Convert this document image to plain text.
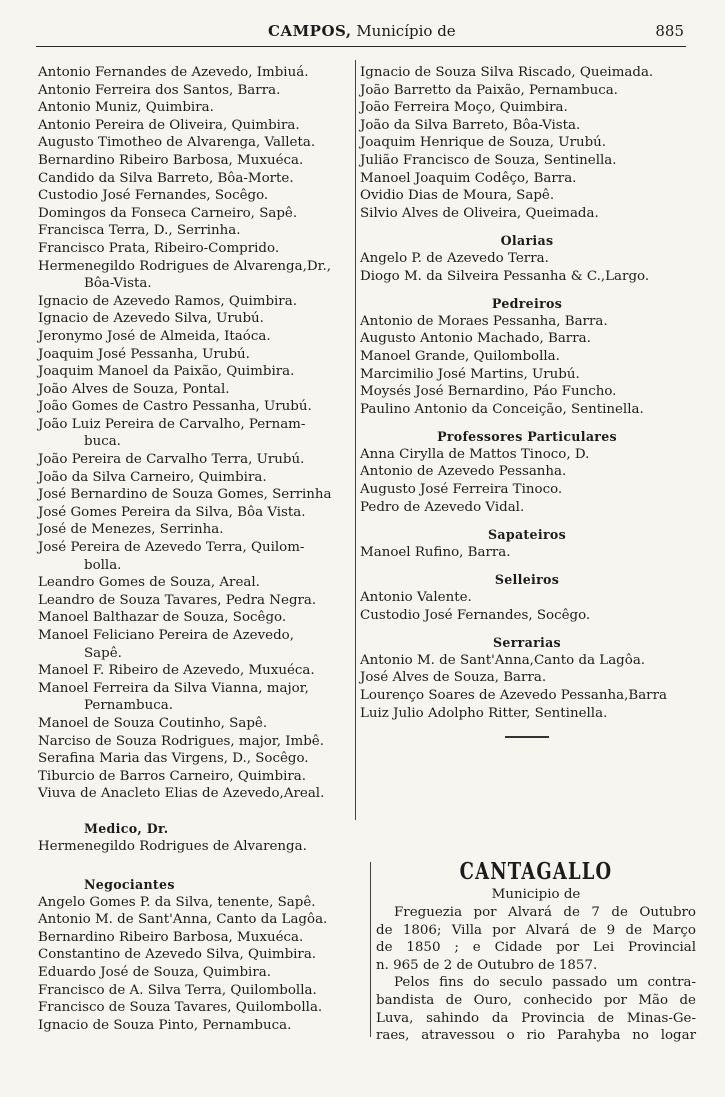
CAMPOS, Município de	885
Antonio Fernandes de Azevedo, Imbiuá.
Antonio Ferreira dos Santos, Barra.
Antonio Muniz, Quimbira.
Antonio Pereira de Oliveira, Quimbira.
Augusto Timotheo de Alvarenga, Valleta.
Bernardino Ribeiro Barbosa, Muxuéca.
Candido da Silva Barreto, Bôa-Morte.
Custodio José Fernandes, Socêgo.
Domingos da Fonseca Carneiro, Sapê.
Francisca Terra, D., Serrinha.
Francisco Prata, Ribeiro-Comprido.
Hermenegildo Rodrigues de Alvarenga,Dr.,
Bôa-Vista.
Ignacio de Azevedo Ramos, Quimbira.
Ignacio de Azevedo Silva, Urubú.
Jeronymo José de Almeida, Itaóca.
Joaquim José Pessanha, Urubú.
Joaquim Manoel da Paixão, Quimbira.
João Alves de Souza, Pontal.
João Gomes de Castro Pessanha, Urubú.
João Luiz Pereira de Carvalho, Pernam-
buca.
João Pereira de Carvalho Terra, Urubú.
João da Silva Carneiro, Quimbira.
José Bernardino de Souza Gomes, Serrinha
José Gomes Pereira da Silva, Bôa Vista.
José de Menezes, Serrinha.
José Pereira de Azevedo Terra, Quilom-
bolla.
Leandro Gomes de Souza, Areal.
Leandro de Souza Tavares, Pedra Negra.
Manoel Balthazar de Souza, Socêgo.
Manoel Feliciano Pereira de Azevedo,
Sapê.
Manoel F. Ribeiro de Azevedo, Muxuéca.
Manoel Ferreira da Silva Vianna, major,
Pernambuca.
Manoel de Souza Coutinho, Sapê.
Narciso de Souza Rodrigues, major, Imbê.
Serafina Maria das Virgens, D., Socêgo.
Tiburcio de Barros Carneiro, Quimbira.
Viuva de Anacleto Elias de Azevedo,Areal.
Ignacio de Souza Silva Riscado, Queimada.
João Barretto da Paixão, Pernambuca.
João Ferreira Moço, Quimbira.
João da Silva Barreto, Bôa-Vista.
Joaquim Henrique de Souza, Urubú.
Julião Francisco de Souza, Sentinella.
Manoel Joaquim Codêço, Barra.
Ovidio Dias de Moura, Sapê.
Silvio Alves de Oliveira, Queimada.
Olarias
Angelo P. de Azevedo Terra.
Diogo M. da Silveira Pessanha & C.,Largo.
Pedreiros
Antonio de Moraes Pessanha, Barra.
Augusto Antonio Machado, Barra.
Manoel Grande, Quilombolla.
Marcimilio José Martins, Urubú.
Moysés José Bernardino, Páo Funcho.
Paulino Antonio da Conceição, Sentinella.
Professores Particulares
Anna Cirylla de Mattos Tinoco, D.
Antonio de Azevedo Pessanha.
Augusto José Ferreira Tinoco.
Pedro de Azevedo Vidal.
Sapateiros
Manoel Rufino, Barra.
Selleiros
Antonio Valente.
Custodio José Fernandes, Socêgo.
Serrarias
Antonio M. de Sant'Anna,Canto da Lagôa.
José Alves de Souza, Barra.
Lourenço Soares de Azevedo Pessanha,Barra
Luiz Julio Adolpho Ritter, Sentinella.
Medico, Dr.
Hermenegildo Rodrigues de Alvarenga.
Negociantes
Angelo Gomes P. da Silva, tenente, Sapê.
Antonio M. de Sant'Anna, Canto da Lagôa.
Bernardino Ribeiro Barbosa, Muxuéca.
Constantino de Azevedo Silva, Quimbira.
Eduardo José de Souza, Quimbira.
Francisco de A. Silva Terra, Quilombolla.
Francisco de Souza Tavares, Quilombolla.
Ignacio de Souza Pinto, Pernambuca.
CANTAGALLO
Municipio de
Freguezia por Alvará de 7 de Outubro
de 1806; Villa por Alvará de 9 de Março
de 1850 ; e Cidade por Lei Provincial
n. 965 de 2 de Outubro de 1857.
Pelos fins do seculo passado um contra-
bandista de Ouro, conhecido por Mão de
Luva, sahindo da Provincia de Minas-Ge-
raes, atravessou o rio Parahyba no logar
